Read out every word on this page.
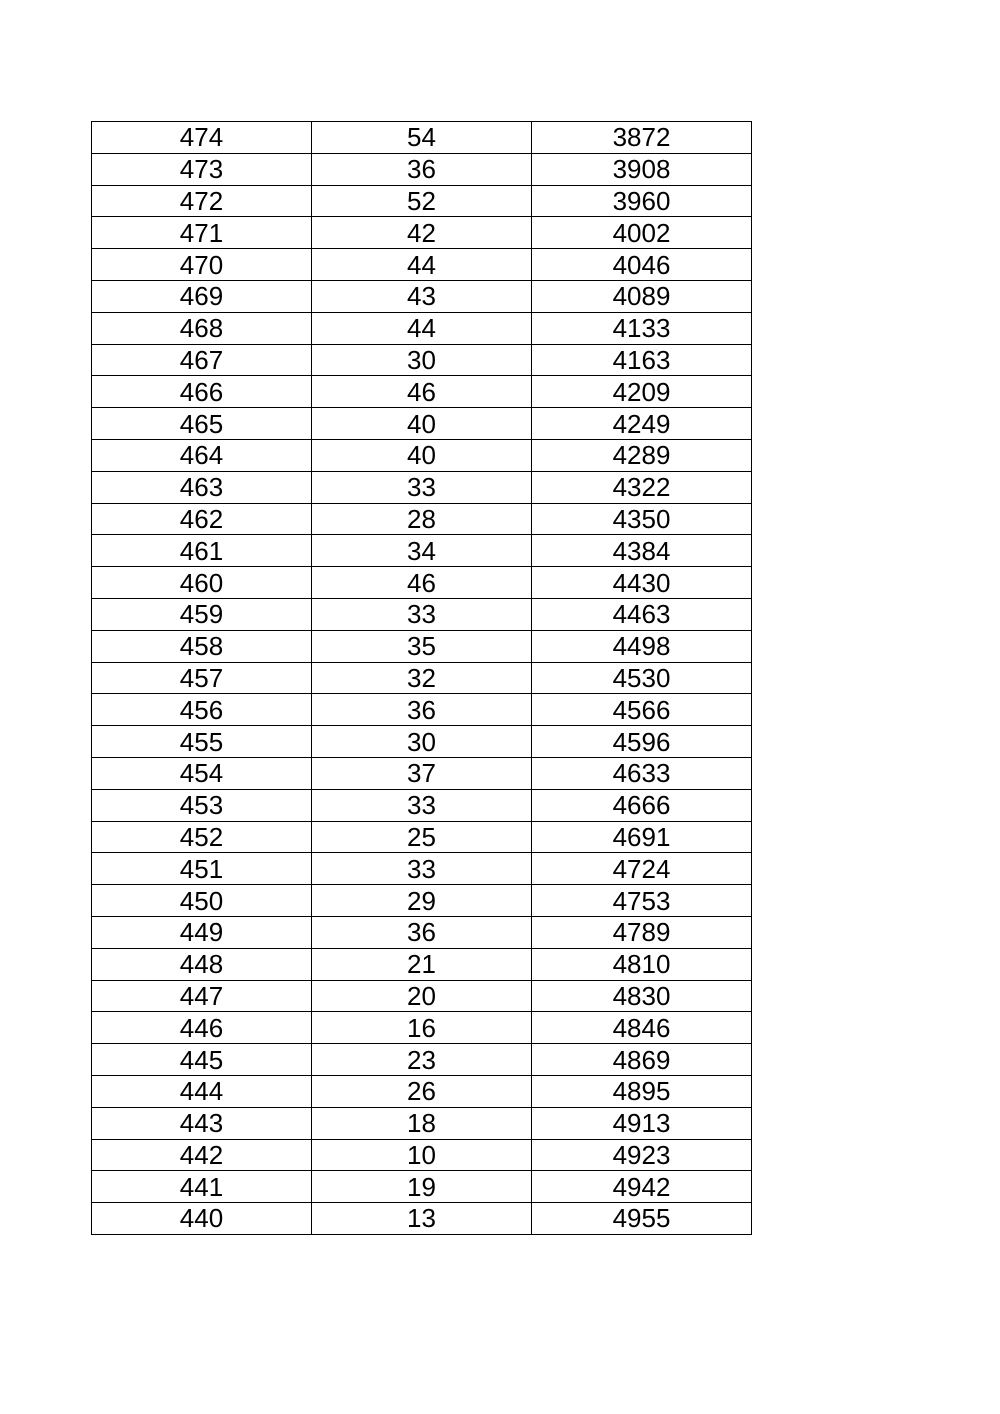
474	54	3872
473	36	3908
472	52	3960
471	42	4002
470	44	4046
469	43	4089
468	44	4133
467	30	4163
466	46	4209
465	40	4249
464	40	4289
463	33	4322
462	28	4350
461	34	4384
460	46	4430
459	33	4463
458	35	4498
457	32	4530
456	36	4566
455	30	4596
454	37	4633
453	33	4666
452	25	4691
451	33	4724
450	29	4753
449	36	4789
448	21	4810
447	20	4830
446	16	4846
445	23	4869
444	26	4895
443	18	4913
442	10	4923
441	19	4942
440	13	4955
